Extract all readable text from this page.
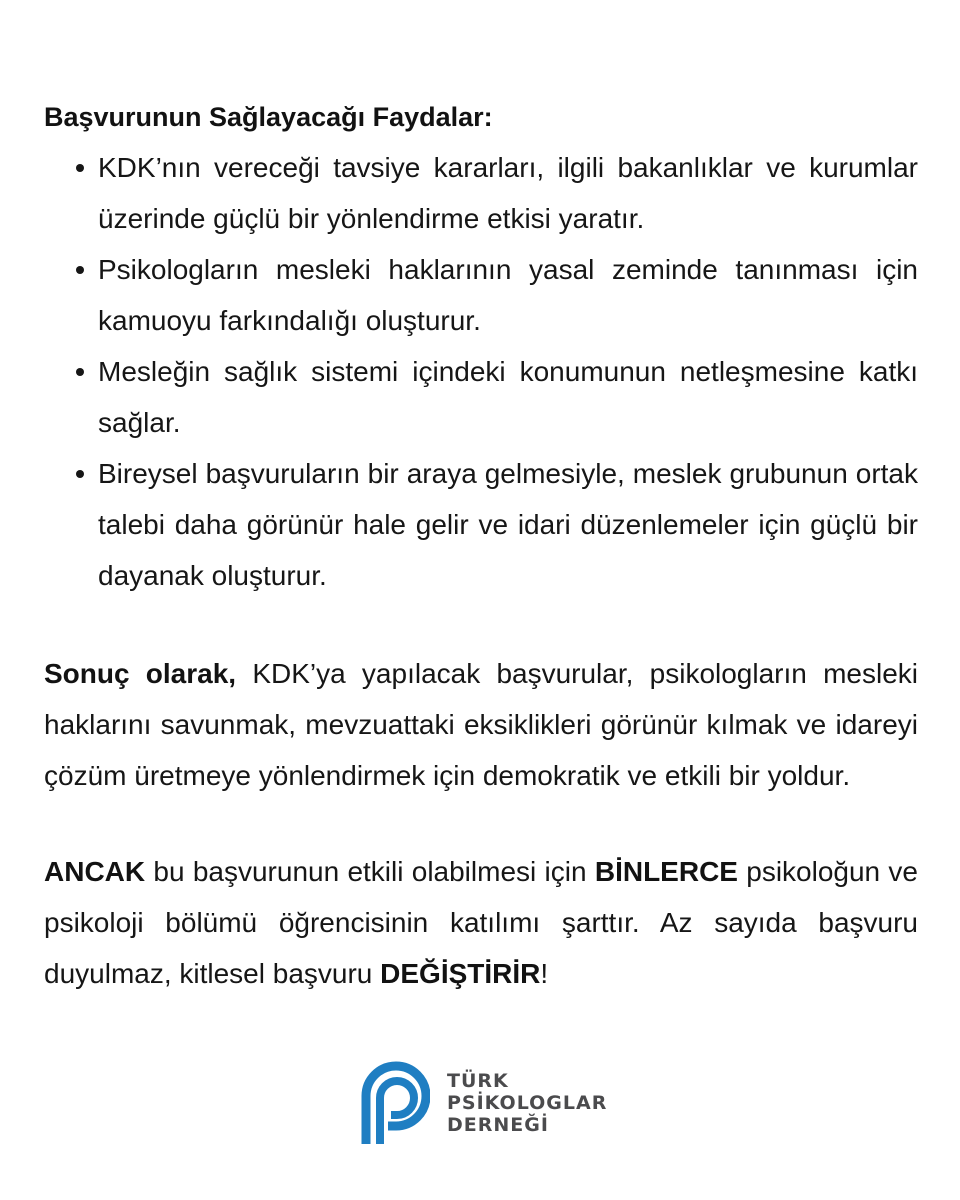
Başvurunun Sağlayacağı Faydalar:
KDK’nın vereceği tavsiye kararları, ilgili bakanlıklar ve kurumlar üzerinde güçlü bir yönlendirme etkisi yaratır.
Psikologların mesleki haklarının yasal zeminde tanınması için kamuoyu farkındalığı oluşturur.
Mesleğin sağlık sistemi içindeki konumunun netleşmesine katkı sağlar.
Bireysel başvuruların bir araya gelmesiyle, meslek grubunun ortak talebi daha görünür hale gelir ve idari düzenlemeler için güçlü bir dayanak oluşturur.

Sonuç olarak, KDK’ya yapılacak başvurular, psikologların mesleki haklarını savunmak, mevzuattaki eksiklikleri görünür kılmak ve idareyi çözüm üretmeye yönlendirmek için demokratik ve etkili bir yoldur.

ANCAK bu başvurunun etkili olabilmesi için BİNLERCE psikoloğun ve psikoloji bölümü öğrencisinin katılımı şarttır. Az sayıda başvuru duyulmaz, kitlesel başvuru DEĞİŞTİRİR!

TÜRK
PSİKOLOGLAR
DERNEĞİ
